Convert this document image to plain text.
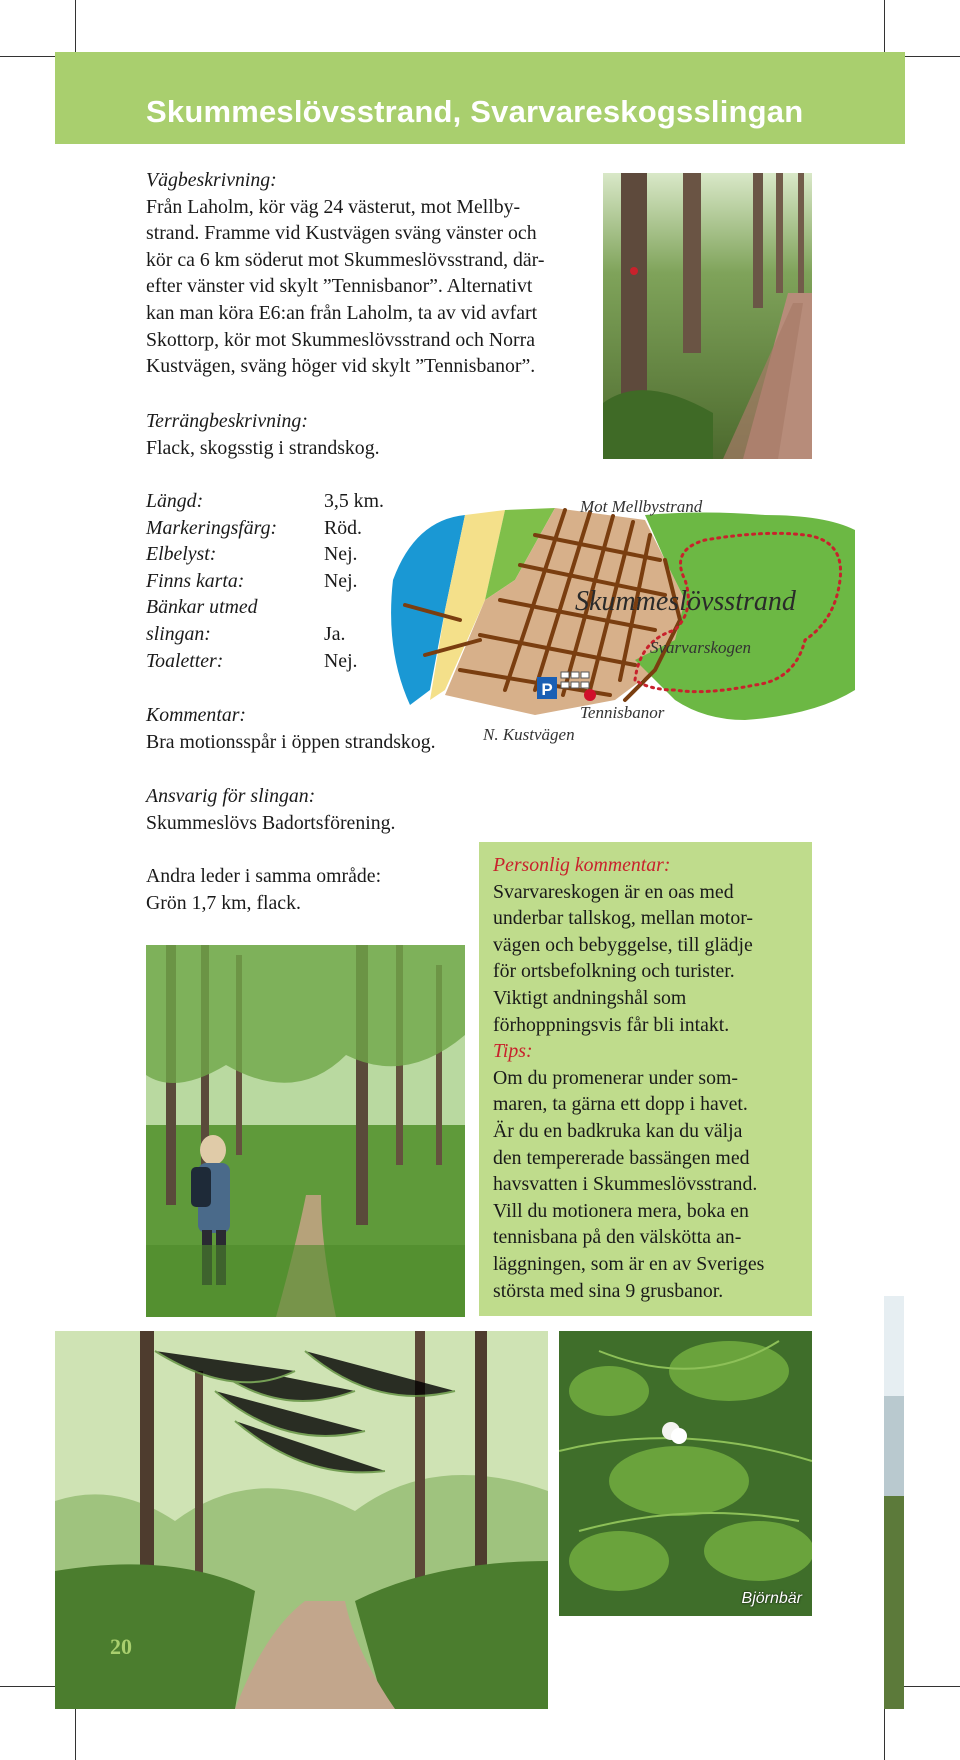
Skummeslövsstrand, Svarvareskogsslingan
Vägbeskrivning:
Från Laholm, kör väg 24 västerut, mot Mellby-
strand. Framme vid Kustvägen sväng vänster och
kör ca 6 km söderut mot Skummeslövsstrand, där-
efter vänster vid skylt ”Tennisbanor”. Alternativt
kan man köra E6:an från Laholm, ta av vid avfart
Skottorp, kör mot Skummeslövsstrand och Norra
Kustvägen, sväng höger vid skylt ”Tennisbanor”.
Terrängbeskrivning:
Flack, skogsstig i strandskog.
Längd:	3,5 km.
Markeringsfärg:	Röd.
Elbelyst:	Nej.
Finns karta:	Nej.
Bänkar utmed
slingan:	Ja.
Toaletter:	Nej.
P
Mot Mellbystrand
Skummeslövsstrand
Svarvarskogen
Tennisbanor
N. Kustvägen
Kommentar:
Bra motionsspår i öppen strandskog.
Ansvarig för slingan:
Skummeslövs Badortsförening.
Andra leder i samma område:
Grön 1,7 km, flack.
Personlig kommentar:
Svarvareskogen är en oas med
underbar tallskog, mellan motor-
vägen och bebyggelse, till glädje
för ortsbefolkning och turister.
Viktigt andningshål som
förhoppningsvis får bli intakt.
Tips:
Om du promenerar under som-
maren, ta gärna ett dopp i havet.
Är du en badkruka kan du välja
den tempererade bassängen med
havsvatten i Skummeslövsstrand.
Vill du motionera mera, boka en
tennisbana på den välskötta an-
läggningen, som är en av Sveriges
största med sina 9 grusbanor.
20
Björnbär
